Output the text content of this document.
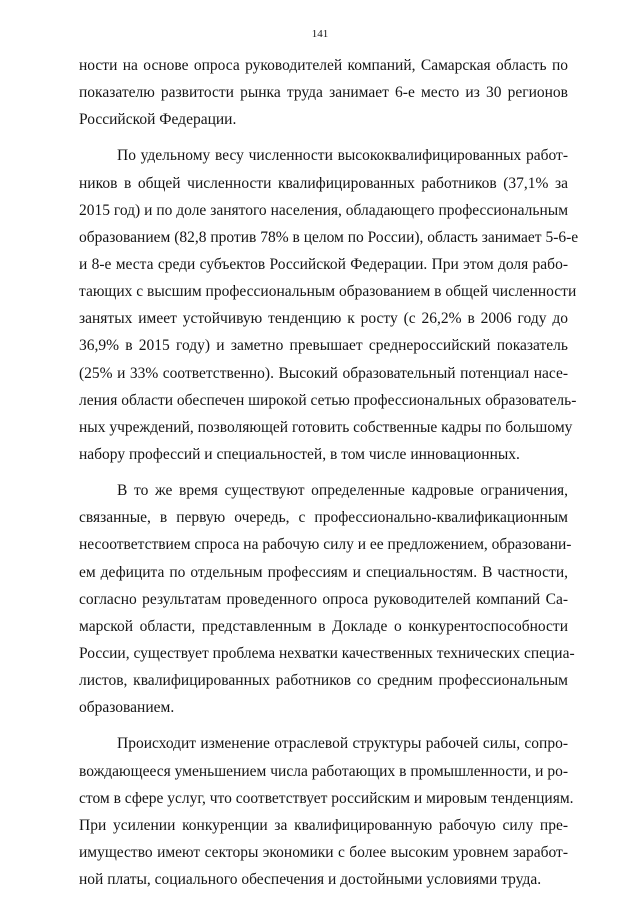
141
ности на основе опроса руководителей компаний, Самарская область по
показателю развитости рынка труда занимает 6-е место из 30 регионов
Российской Федерации.
По удельному весу численности высококвалифицированных работ-
ников в общей численности квалифицированных работников (37,1% за
2015 год) и по доле занятого населения, обладающего профессиональным
образованием (82,8 против 78% в целом по России), область занимает 5-6-е
и 8-е места среди субъектов Российской Федерации. При этом доля рабо-
тающих с высшим профессиональным образованием в общей численности
занятых имеет устойчивую тенденцию к росту (с 26,2% в 2006 году до
36,9% в 2015 году) и заметно превышает среднероссийский показатель
(25% и 33% соответственно). Высокий образовательный потенциал насе-
ления области обеспечен широкой сетью профессиональных образователь-
ных учреждений, позволяющей готовить собственные кадры по большому
набору профессий и специальностей, в том числе инновационных.
В то же время существуют определенные кадровые ограничения,
связанные, в первую очередь, с профессионально-квалификационным
несоответствием спроса на рабочую силу и ее предложением, образовани-
ем дефицита по отдельным профессиям и специальностям. В частности,
согласно результатам проведенного опроса руководителей компаний Са-
марской области, представленным в Докладе о конкурентоспособности
России, существует проблема нехватки качественных технических специа-
листов, квалифицированных работников со средним профессиональным
образованием.
Происходит изменение отраслевой структуры рабочей силы, сопро-
вождающееся уменьшением числа работающих в промышленности, и ро-
стом в сфере услуг, что соответствует российским и мировым тенденциям.
При усилении конкуренции за квалифицированную рабочую силу пре-
имущество имеют секторы экономики с более высоким уровнем заработ-
ной платы, социального обеспечения и достойными условиями труда.
